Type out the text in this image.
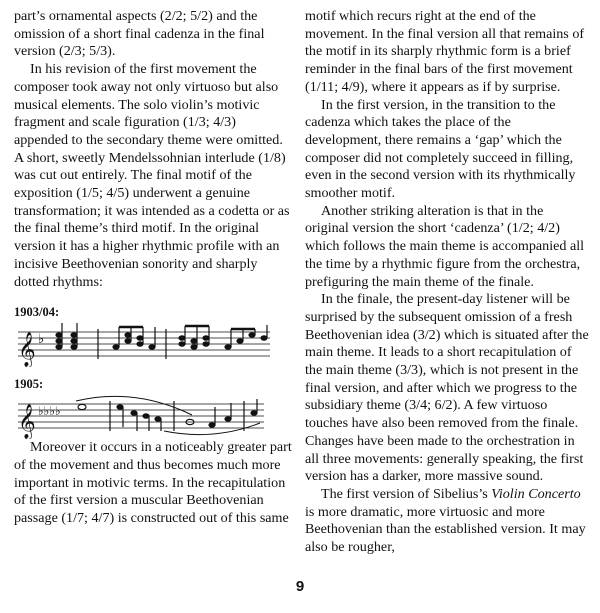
part’s ornamental aspects (2/2; 5/2) and the omission of a short final cadenza in the final version (2/3; 5/3).

In his revision of the first movement the composer took away not only virtuoso but also musical elements. The solo violin’s motivic fragment and scale figuration (1/3; 4/3) appended to the secondary theme were omitted. A short, sweetly Mendelssohnian interlude (1/8) was cut out entirely. The final motif of the exposition (1/5; 4/5) underwent a genuine transformation; it was intended as a codetta or as the final theme’s third motif. In the original version it has a higher rhythmic profile with an incisive Beethovenian sonority and sharply dotted rhythms:

1903/04:
𝄞 ♭
1905:
𝄞 ♭♭♭♭

Moreover it occurs in a noticeably greater part of the movement and thus becomes much more important in motivic terms. In the recapitulation of the first version a muscular Beethovenian passage (1/7; 4/7) is constructed out of this same

motif which recurs right at the end of the movement. In the final version all that remains of the motif in its sharply rhythmic form is a brief reminder in the final bars of the first movement (1/11; 4/9), where it appears as if by surprise.

In the first version, in the transition to the cadenza which takes the place of the development, there remains a ‘gap’ which the composer did not completely succeed in filling, even in the second version with its rhythmically smoother motif.

Another striking alteration is that in the original version the short ‘cadenza’ (1/2; 4/2) which follows the main theme is accompanied all the time by a rhythmic figure from the orchestra, prefiguring the main theme of the finale.

In the finale, the present-day listener will be surprised by the subsequent omission of a fresh Beethovenian idea (3/2) which is situated after the main theme. It leads to a short recapitulation of the main theme (3/3), which is not present in the final version, and after which we progress to the subsidiary theme (3/4; 6/2). A few virtuoso touches have also been removed from the finale. Changes have been made to the orchestration in all three movements: generally speaking, the first version has a darker, more massive sound.

The first version of Sibelius’s Violin Concerto is more dramatic, more virtuosic and more Beethovenian than the established version. It may also be rougher,

9
